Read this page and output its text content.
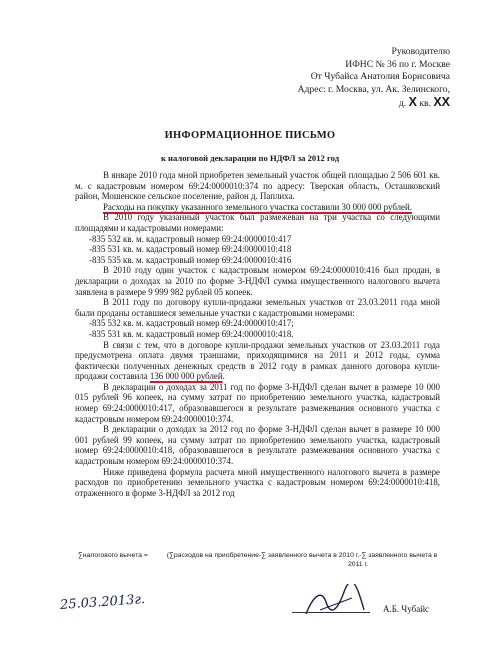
Руководителю
ИФНС № 36 по г. Москве
От Чубайса Анатолия Борисовича
Адрес: г. Москва, ул. Ак. Зелинского,
д. Х кв. ХХ
ИНФОРМАЦИОННОЕ ПИСЬМО
к налоговой декларации по НДФЛ за 2012 год

В январе 2010 года мной приобретен земельный участок общей площадью 2 506 601 кв. м. с кадастровым номером 69:24:0000010:374 по адресу: Тверская область, Осташковский район, Мошенское сельское поселение, район д. Паплиха.

Расходы на покупку указанного земельного участка составили 30 000 000 рублей.

В 2010 году указанный участок был размежеван на три участка со следующими площадями и кадастровыми номерами:

-835 532 кв. м. кадастровый номер 69:24:0000010:417

-835 531 кв. м. кадастровый номер 69:24:0000010:418

-835 535 кв. м. кадастровый номер 69:24:0000010:416

В 2010 году один участок с кадастровым номером 69:24:0000010:416 был продан, в декларации о доходах за 2010 по форме 3-НДФЛ сумма имущественного налогового вычета заявлена в размере 9 999 982 рублей 05 копеек.

В 2011 году по договору купли-продажи земельных участков от 23.03.2011 года мной были проданы оставшиеся земельные участки с кадастровыми номерами:

-835 532 кв. м. кадастровый номер 69:24:0000010:417;

-835 531 кв. м. кадастровый номер 69:24:0000010:418.

В связи с тем, что в договоре купли-продажи земельных участков от 23.03.2011 года предусмотрена оплата двумя траншами, приходящимися на 2011 и 2012 годы, сумма фактически полученных денежных средств в 2012 году в рамках данного договора купли-продажи составила 136 000 000 рублей.

В декларации о доходах за 2011 год по форме 3-НДФЛ сделан вычет в размере 10 000 015 рублей 96 копеек, на сумму затрат по приобретению земельного участка, кадастровый номер 69:24:0000010:417, образовавшегося в результате размежевания основного участка с кадастровым номером 69:24:0000010:374.

В декларации о доходах за 2012 год по форме 3-НДФЛ сделан вычет в размере 10 000 001 рублей 99 копеек, на сумму затрат по приобретению земельного участка, кадастровый номер 69:24:0000010:418, образовавшегося в результате размежевания основного участка с кадастровым номером 69:24:0000010:374.

Ниже приведена формула расчета мной имущественного налогового вычета в размере расходов по приобретению земельного участка с кадастровым номером 69:24:0000010:418, отраженного в форме 3-НДФЛ за 2012 год

∑налогового вычета =	(∑расходов на приобретение-∑ заявленного вычета в 2010 г.-∑ заявленного вычета в
2011 г.
25.03.2013г.	А.Б. Чубайс
